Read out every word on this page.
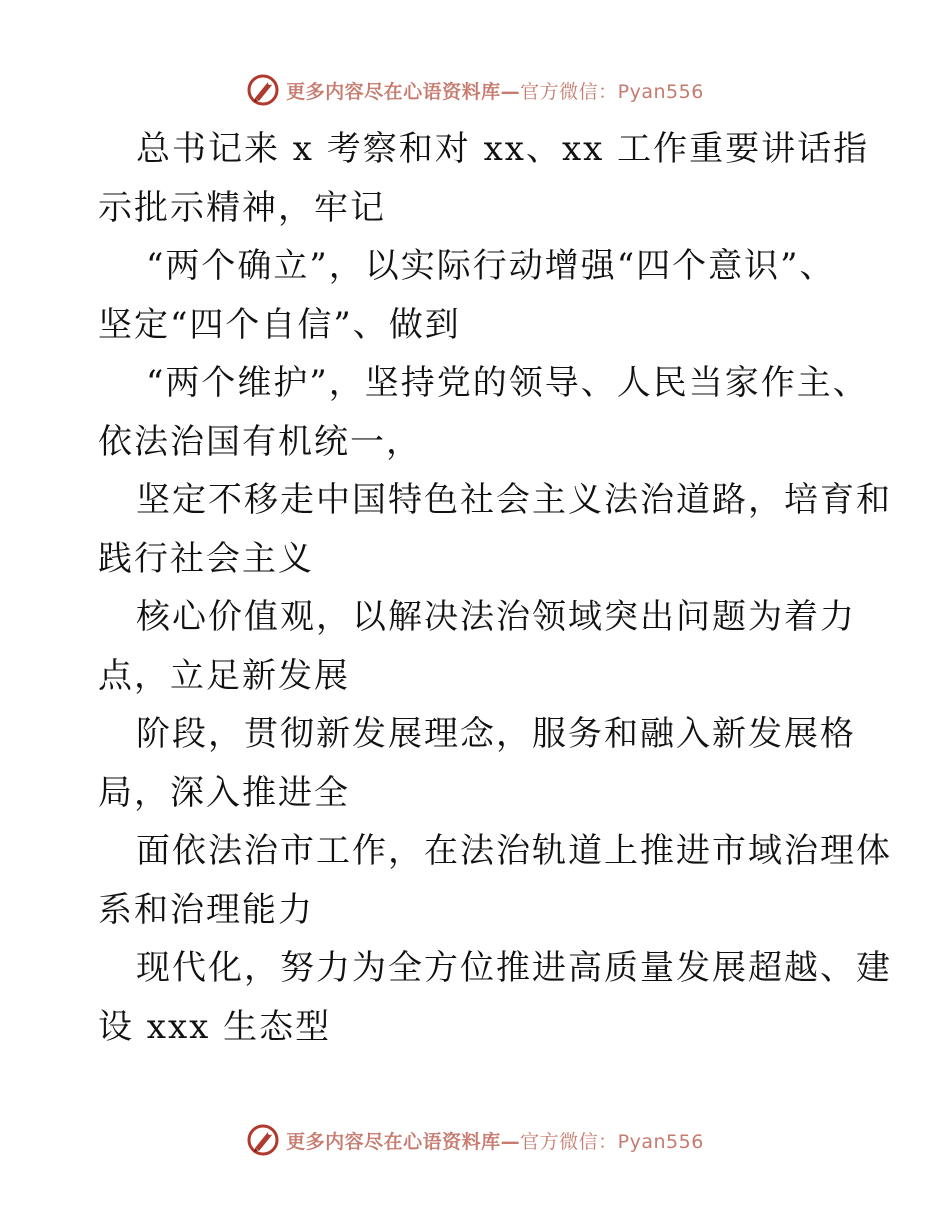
更多内容尽在心语资料库—官方微信：Pyan556

总书记来 x 考察和对 xx、xx 工作重要讲话指
示批示精神，牢记

“两个确立”，以实际行动增强“四个意识”、
坚定“四个自信”、做到

“两个维护”，坚持党的领导、人民当家作主、
依法治国有机统一，

坚定不移走中国特色社会主义法治道路，培育和
践行社会主义

核心价值观，以解决法治领域突出问题为着力
点，立足新发展

阶段，贯彻新发展理念，服务和融入新发展格
局，深入推进全

面依法治市工作，在法治轨道上推进市域治理体
系和治理能力

现代化，努力为全方位推进高质量发展超越、建
设 xxx 生态型

更多内容尽在心语资料库—官方微信：Pyan556
